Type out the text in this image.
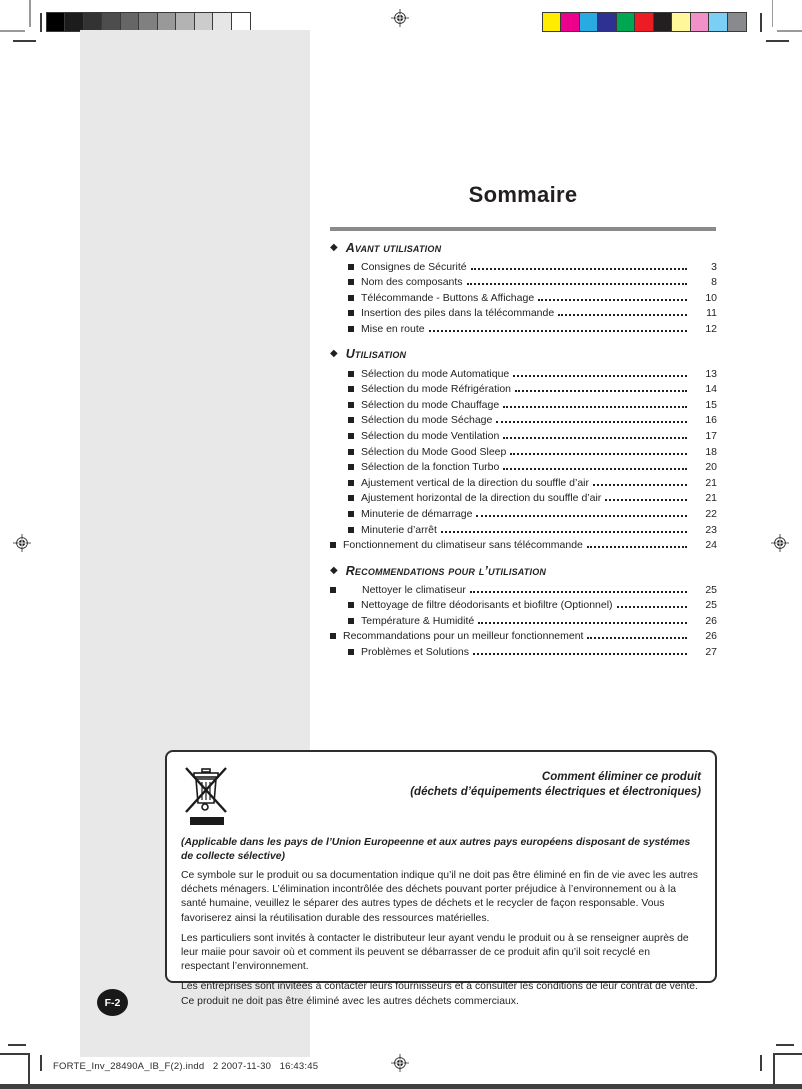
Sommaire
◆ Avant utilisation
Consignes de Sécurité	3
Nom des composants	8
Télécommande - Buttons & Affichage	10
Insertion des piles dans la télécommande	11
Mise en route	12
◆ Utilisation
Sélection du mode Automatique	13
Sélection du mode Réfrigération	14
Sélection du mode Chauffage	15
Sélection du mode Séchage	16
Sélection du mode Ventilation	17
Sélection du Mode Good Sleep	18
Sélection de la fonction Turbo	20
Ajustement vertical de la direction du souffle d’air	21
Ajustement horizontal de la direction du souffle d’air	21
Minuterie de démarrage	22
Minuterie d’arrêt	23
Fonctionnement du climatiseur sans télécommande	24
◆ Recommendations pour l’utilisation
Nettoyer le climatiseur	25
Nettoyage de filtre déodorisants et biofiltre (Optionnel)	25
Température & Humidité	26
Recommandations pour un meilleur fonctionnement	26
Problèmes et Solutions	27
Comment éliminer ce produit
(déchets d’équipements électriques et électroniques)
(Applicable dans les pays de l’Union Europeenne et aux autres pays européens disposant de systémes de collecte sélective)

Ce symbole sur le produit ou sa documentation indique qu’il ne doit pas être éliminé en fin de vie avec les autres déchets ménagers. L’élimination incontrôlée des déchets pouvant porter préjudice à l’environnement ou à la santé humaine, veuillez le séparer des autres types de déchets et le recycler de façon responsable. Vous favoriserez ainsi la réutilisation durable des ressources matérielles.

Les particuliers sont invités à contacter le distributeur leur ayant vendu le produit ou à se renseigner auprès de leur maiie pour savoir où et comment ils peuvent se débarrasser de ce produit afin qu’il soit recyclé en respectant l’environnement.

Les entreprises sont invitées à contacter leurs fournisseurs et à consulter les conditions de leur contrat de vente. Ce produit ne doit pas être éliminé avec les autres déchets commerciaux.

F-2
FORTE_Inv_28490A_IB_F(2).indd   2 2007-11-30   16:43:45
